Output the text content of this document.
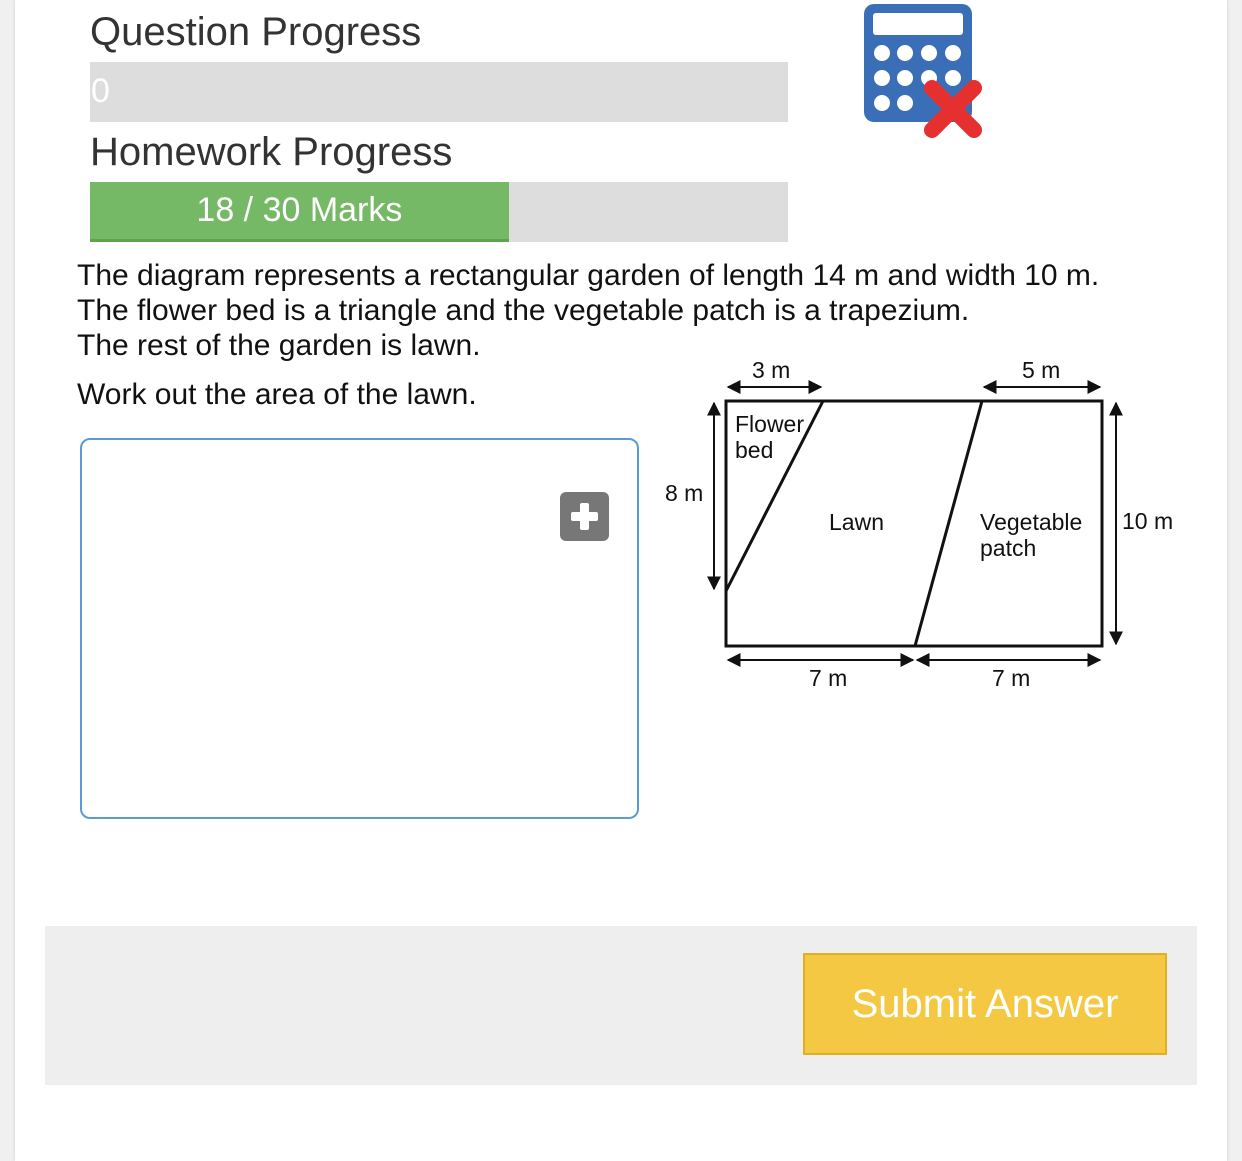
Question Progress
0
Homework Progress
18 / 30 Marks
The diagram represents a rectangular garden of length 14 m and width 10 m.
The flower bed is a triangle and the vegetable patch is a trapezium.
The rest of the garden is lawn.
Work out the area of the lawn.
3 m	5 m
8 m
10 m
7 m	7 m
Flower
bed
Lawn	Vegetable
patch
Submit Answer
